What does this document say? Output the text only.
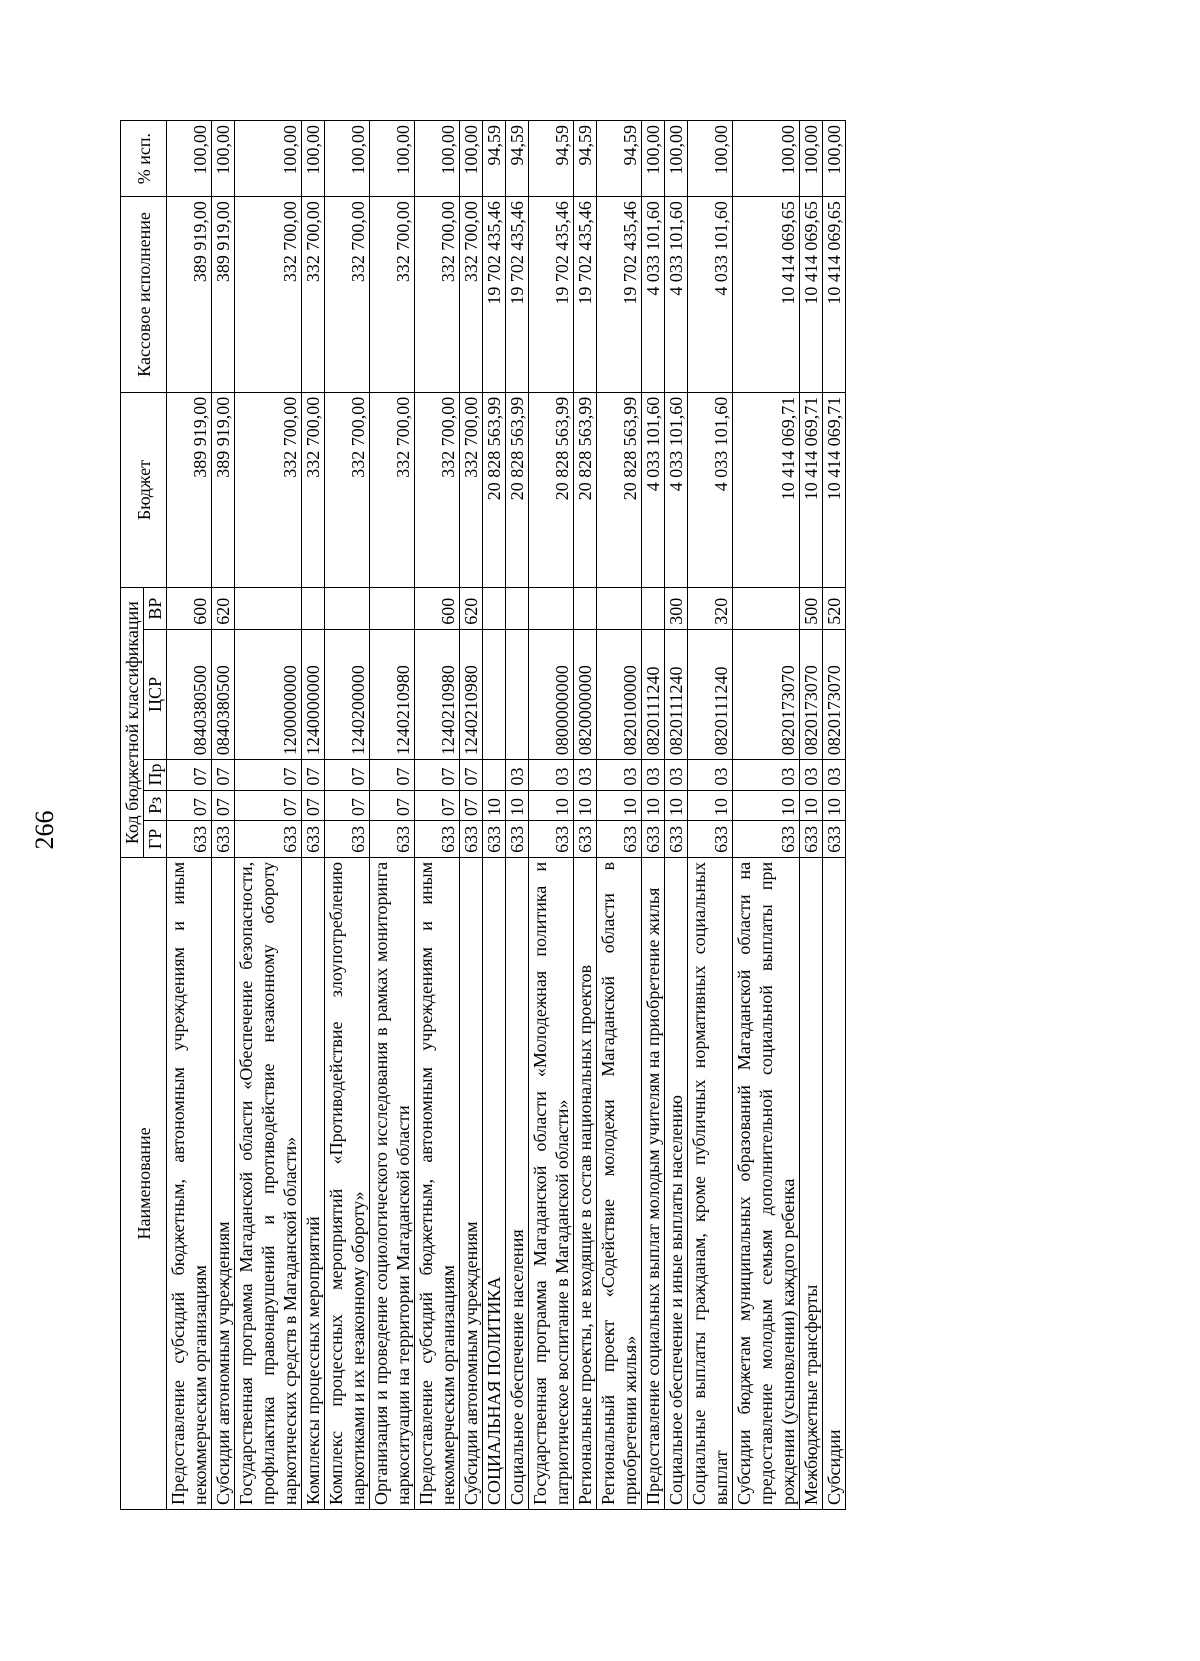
266
Наименование	Код бюджетной классификации					Бюджет	Кассовое исполнение	% исп.
	ГР	Рз	Пр	ЦСР	ВР			
Предоставление субсидий бюджетным, автономным учреждениям и иным некоммерческим организациям	633	07	07	0840380500	600	389 919,00	389 919,00	100,00
Субсидии автономным учреждениям	633	07	07	0840380500	620	389 919,00	389 919,00	100,00
Государственная программа Магаданской области «Обеспечение безопасности, профилактика правонарушений и противодействие незаконному обороту наркотических средств в Магаданской области»	633	07	07	1200000000		332 700,00	332 700,00	100,00
Комплексы процессных мероприятий	633	07	07	1240000000		332 700,00	332 700,00	100,00
Комплекс процессных мероприятий «Противодействие злоупотреблению наркотиками и их незаконному обороту»	633	07	07	1240200000		332 700,00	332 700,00	100,00
Организация и проведение социологического исследования в рамках мониторинга наркоситуации на территории Магаданской области	633	07	07	1240210980		332 700,00	332 700,00	100,00
Предоставление субсидий бюджетным, автономным учреждениям и иным некоммерческим организациям	633	07	07	1240210980	600	332 700,00	332 700,00	100,00
Субсидии автономным учреждениям	633	07	07	1240210980	620	332 700,00	332 700,00	100,00
СОЦИАЛЬНАЯ ПОЛИТИКА	633	10				20 828 563,99	19 702 435,46	94,59
Социальное обеспечение населения	633	10	03			20 828 563,99	19 702 435,46	94,59
Государственная программа Магаданской области «Молодежная политика и патриотическое воспитание в Магаданской области»	633	10	03	0800000000		20 828 563,99	19 702 435,46	94,59
Региональные проекты, не входящие в состав национальных проектов	633	10	03	0820000000		20 828 563,99	19 702 435,46	94,59
Региональный проект «Содействие молодежи Магаданской области в приобретении жилья»	633	10	03	0820100000		20 828 563,99	19 702 435,46	94,59
Предоставление социальных выплат молодым учителям на приобретение жилья	633	10	03	0820111240		4 033 101,60	4 033 101,60	100,00
Социальное обеспечение и иные выплаты населению	633	10	03	0820111240	300	4 033 101,60	4 033 101,60	100,00
Социальные выплаты гражданам, кроме публичных нормативных социальных выплат	633	10	03	0820111240	320	4 033 101,60	4 033 101,60	100,00
Субсидии бюджетам муниципальных образований Магаданской области на предоставление молодым семьям дополнительной социальной выплаты при рождении (усыновлении) каждого ребенка	633	10	03	0820173070		10 414 069,71	10 414 069,65	100,00
Межбюджетные трансферты	633	10	03	0820173070	500	10 414 069,71	10 414 069,65	100,00
Субсидии	633	10	03	0820173070	520	10 414 069,71	10 414 069,65	100,00
